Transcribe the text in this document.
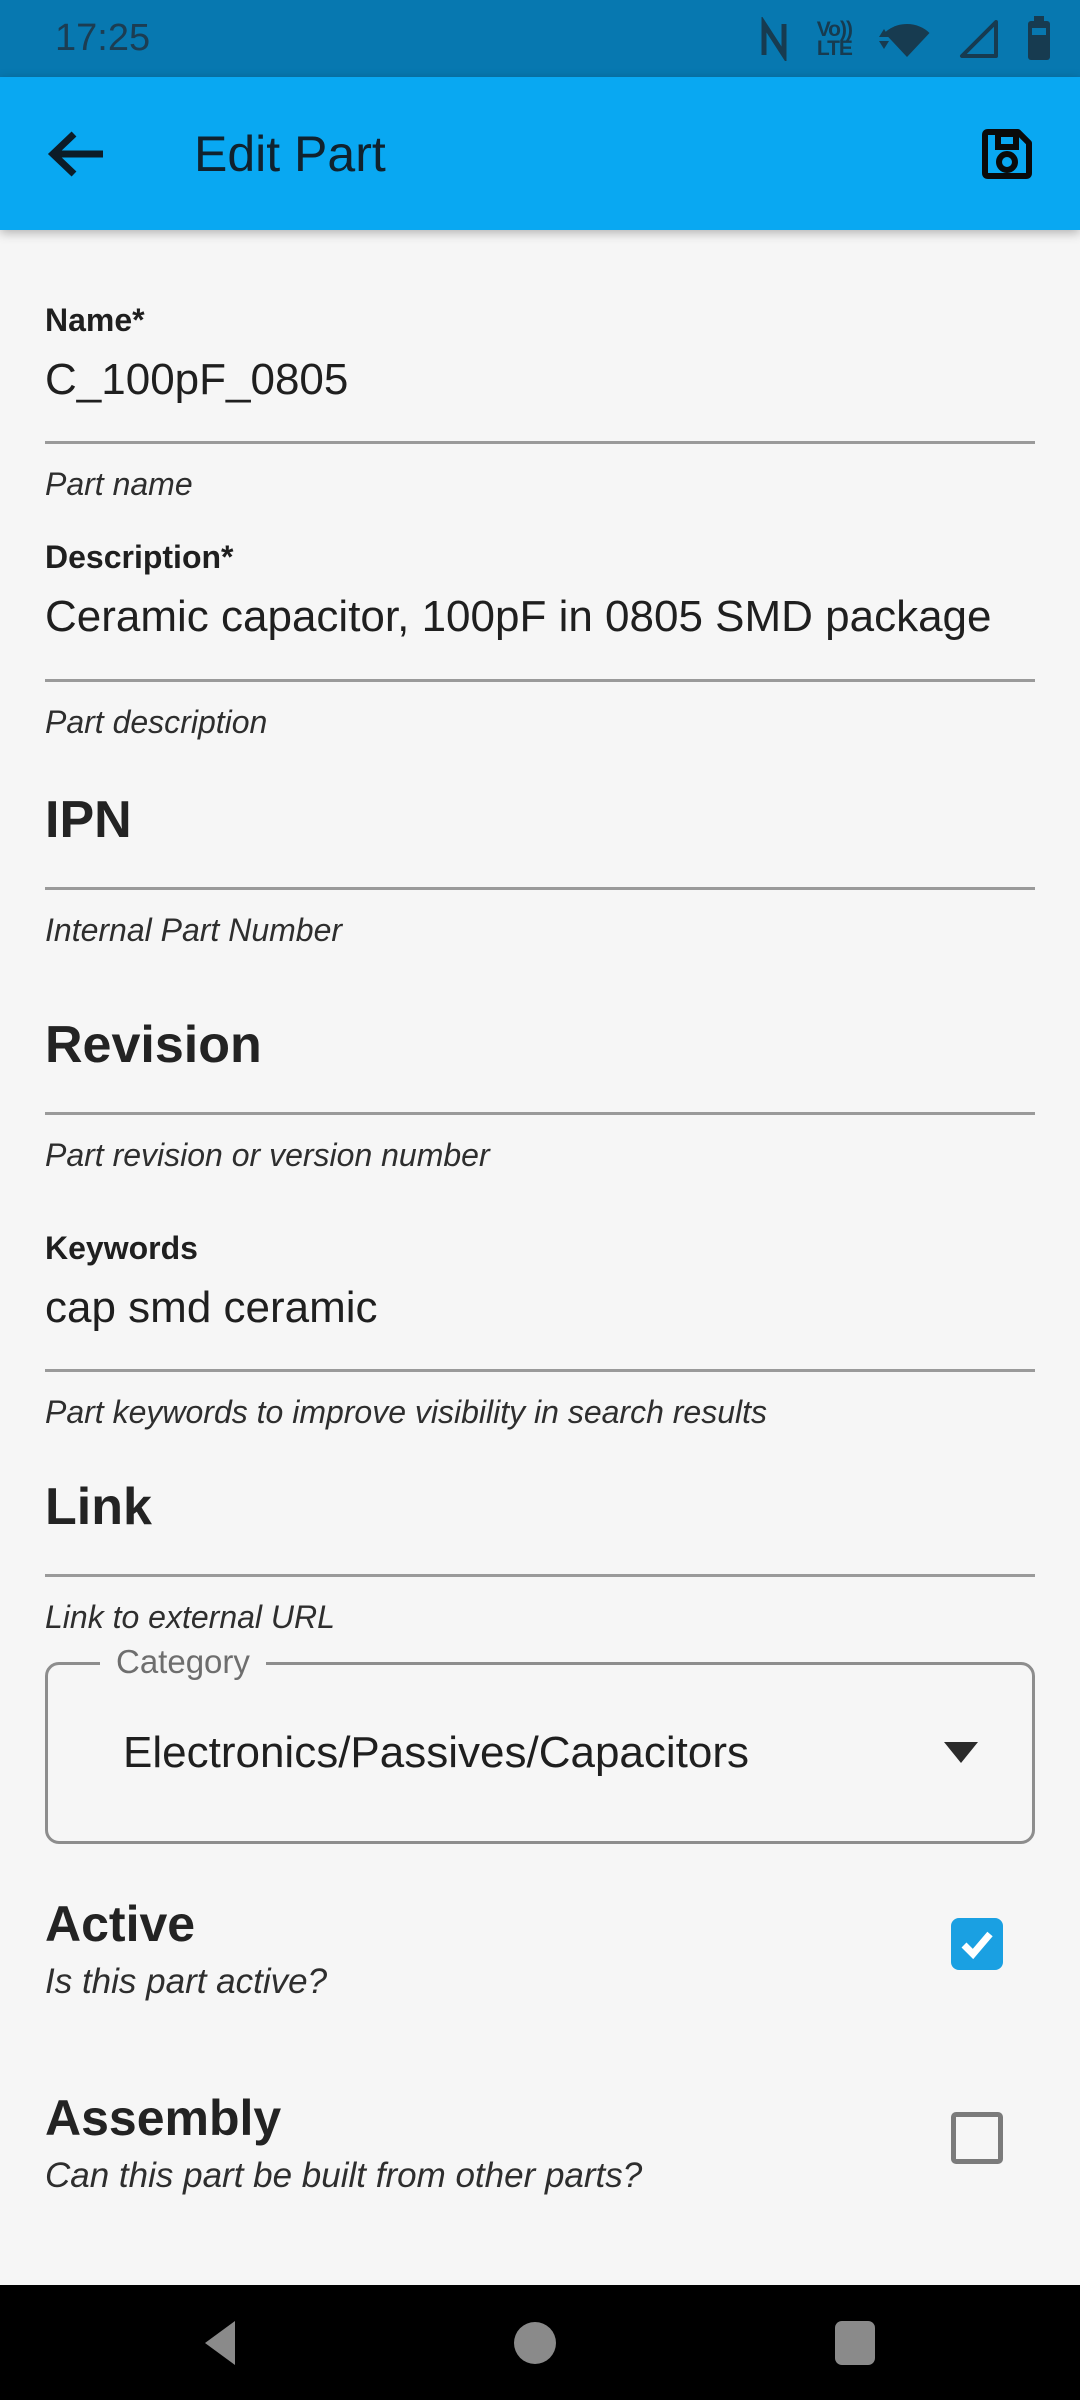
17:25	Vo))
LTE
Edit Part
Name*
C_100pF_0805
Part name
Description*
Ceramic capacitor, 100pF in 0805 SMD package
Part description
IPN
Internal Part Number
Revision
Part revision or version number
Keywords
cap smd ceramic
Part keywords to improve visibility in search results
Link
Link to external URL
Category
Electronics/Passives/Capacitors
Active
Is this part active?
Assembly
Can this part be built from other parts?
